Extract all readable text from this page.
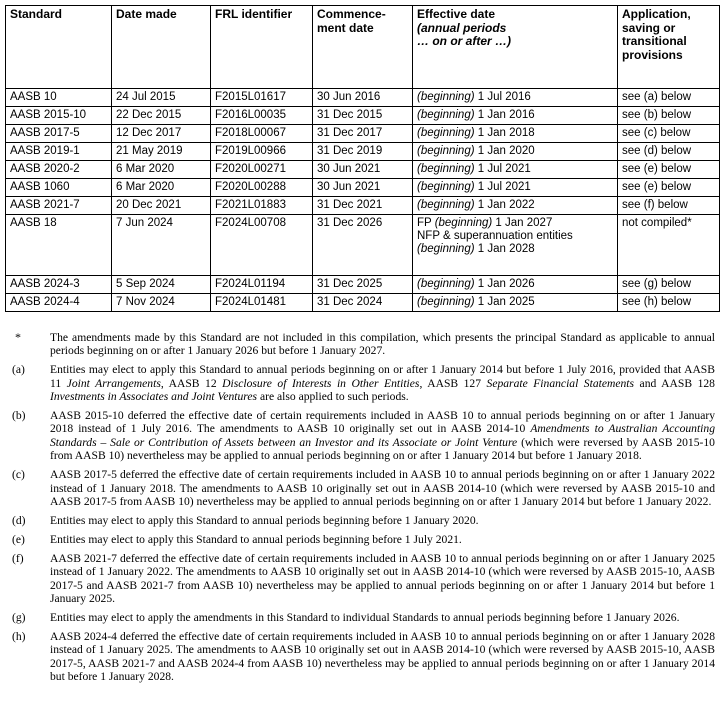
Standard	Date made	FRL identifier	Commence-
ment date	Effective date
(annual periods
… on or after …)	Application,
saving or
transitional
provisions
AASB 10	24 Jul 2015	F2015L01617	30 Jun 2016	(beginning) 1 Jul 2016	see (a) below
AASB 2015-10	22 Dec 2015	F2016L00035	31 Dec 2015	(beginning) 1 Jan 2016	see (b) below
AASB 2017-5	12 Dec 2017	F2018L00067	31 Dec 2017	(beginning) 1 Jan 2018	see (c) below
AASB 2019-1	21 May 2019	F2019L00966	31 Dec 2019	(beginning) 1 Jan 2020	see (d) below
AASB 2020-2	6 Mar 2020	F2020L00271	30 Jun 2021	(beginning) 1 Jul 2021	see (e) below
AASB 1060	6 Mar 2020	F2020L00288	30 Jun 2021	(beginning) 1 Jul 2021	see (e) below
AASB 2021-7	20 Dec 2021	F2021L01883	31 Dec 2021	(beginning) 1 Jan 2022	see (f) below
AASB 18	7 Jun 2024	F2024L00708	31 Dec 2026	FP (beginning) 1 Jan 2027
NFP & superannuation entities
(beginning) 1 Jan 2028	not compiled*
AASB 2024-3	5 Sep 2024	F2024L01194	31 Dec 2025	(beginning) 1 Jan 2026	see (g) below
AASB 2024-4	7 Nov 2024	F2024L01481	31 Dec 2024	(beginning) 1 Jan 2025	see (h) below
*	The amendments made by this Standard are not included in this compilation, which presents the principal Standard as applicable to annual periods beginning on or after 1 January 2026 but before 1 January 2027.
(a)	Entities may elect to apply this Standard to annual periods beginning on or after 1 January 2014 but before 1 July 2016, provided that AASB 11 Joint Arrangements, AASB 12 Disclosure of Interests in Other Entities, AASB 127 Separate Financial Statements and AASB 128 Investments in Associates and Joint Ventures are also applied to such periods.
(b)	AASB 2015-10 deferred the effective date of certain requirements included in AASB 10 to annual periods beginning on or after 1 January 2018 instead of 1 July 2016. The amendments to AASB 10 originally set out in AASB 2014-10 Amendments to Australian Accounting Standards – Sale or Contribution of Assets between an Investor and its Associate or Joint Venture (which were reversed by AASB 2015-10 from AASB 10) nevertheless may be applied to annual periods beginning on or after 1 January 2014 but before 1 January 2018.
(c)	AASB 2017-5 deferred the effective date of certain requirements included in AASB 10 to annual periods beginning on or after 1 January 2022 instead of 1 January 2018. The amendments to AASB 10 originally set out in AASB 2014-10 (which were reversed by AASB 2015-10 and AASB 2017-5 from AASB 10) nevertheless may be applied to annual periods beginning on or after 1 January 2014 but before 1 January 2022.
(d)	Entities may elect to apply this Standard to annual periods beginning before 1 January 2020.
(e)	Entities may elect to apply this Standard to annual periods beginning before 1 July 2021.
(f)	AASB 2021-7 deferred the effective date of certain requirements included in AASB 10 to annual periods beginning on or after 1 January 2025 instead of 1 January 2022. The amendments to AASB 10 originally set out in AASB 2014-10 (which were reversed by AASB 2015-10, AASB 2017-5 and AASB 2021-7 from AASB 10) nevertheless may be applied to annual periods beginning on or after 1 January 2014 but before 1 January 2025.
(g)	Entities may elect to apply the amendments in this Standard to individual Standards to annual periods beginning before 1 January 2026.
(h)	AASB 2024-4 deferred the effective date of certain requirements included in AASB 10 to annual periods beginning on or after 1 January 2028 instead of 1 January 2025. The amendments to AASB 10 originally set out in AASB 2014-10 (which were reversed by AASB 2015-10, AASB 2017-5, AASB 2021-7 and AASB 2024-4 from AASB 10) nevertheless may be applied to annual periods beginning on or after 1 January 2014 but before 1 January 2028.
